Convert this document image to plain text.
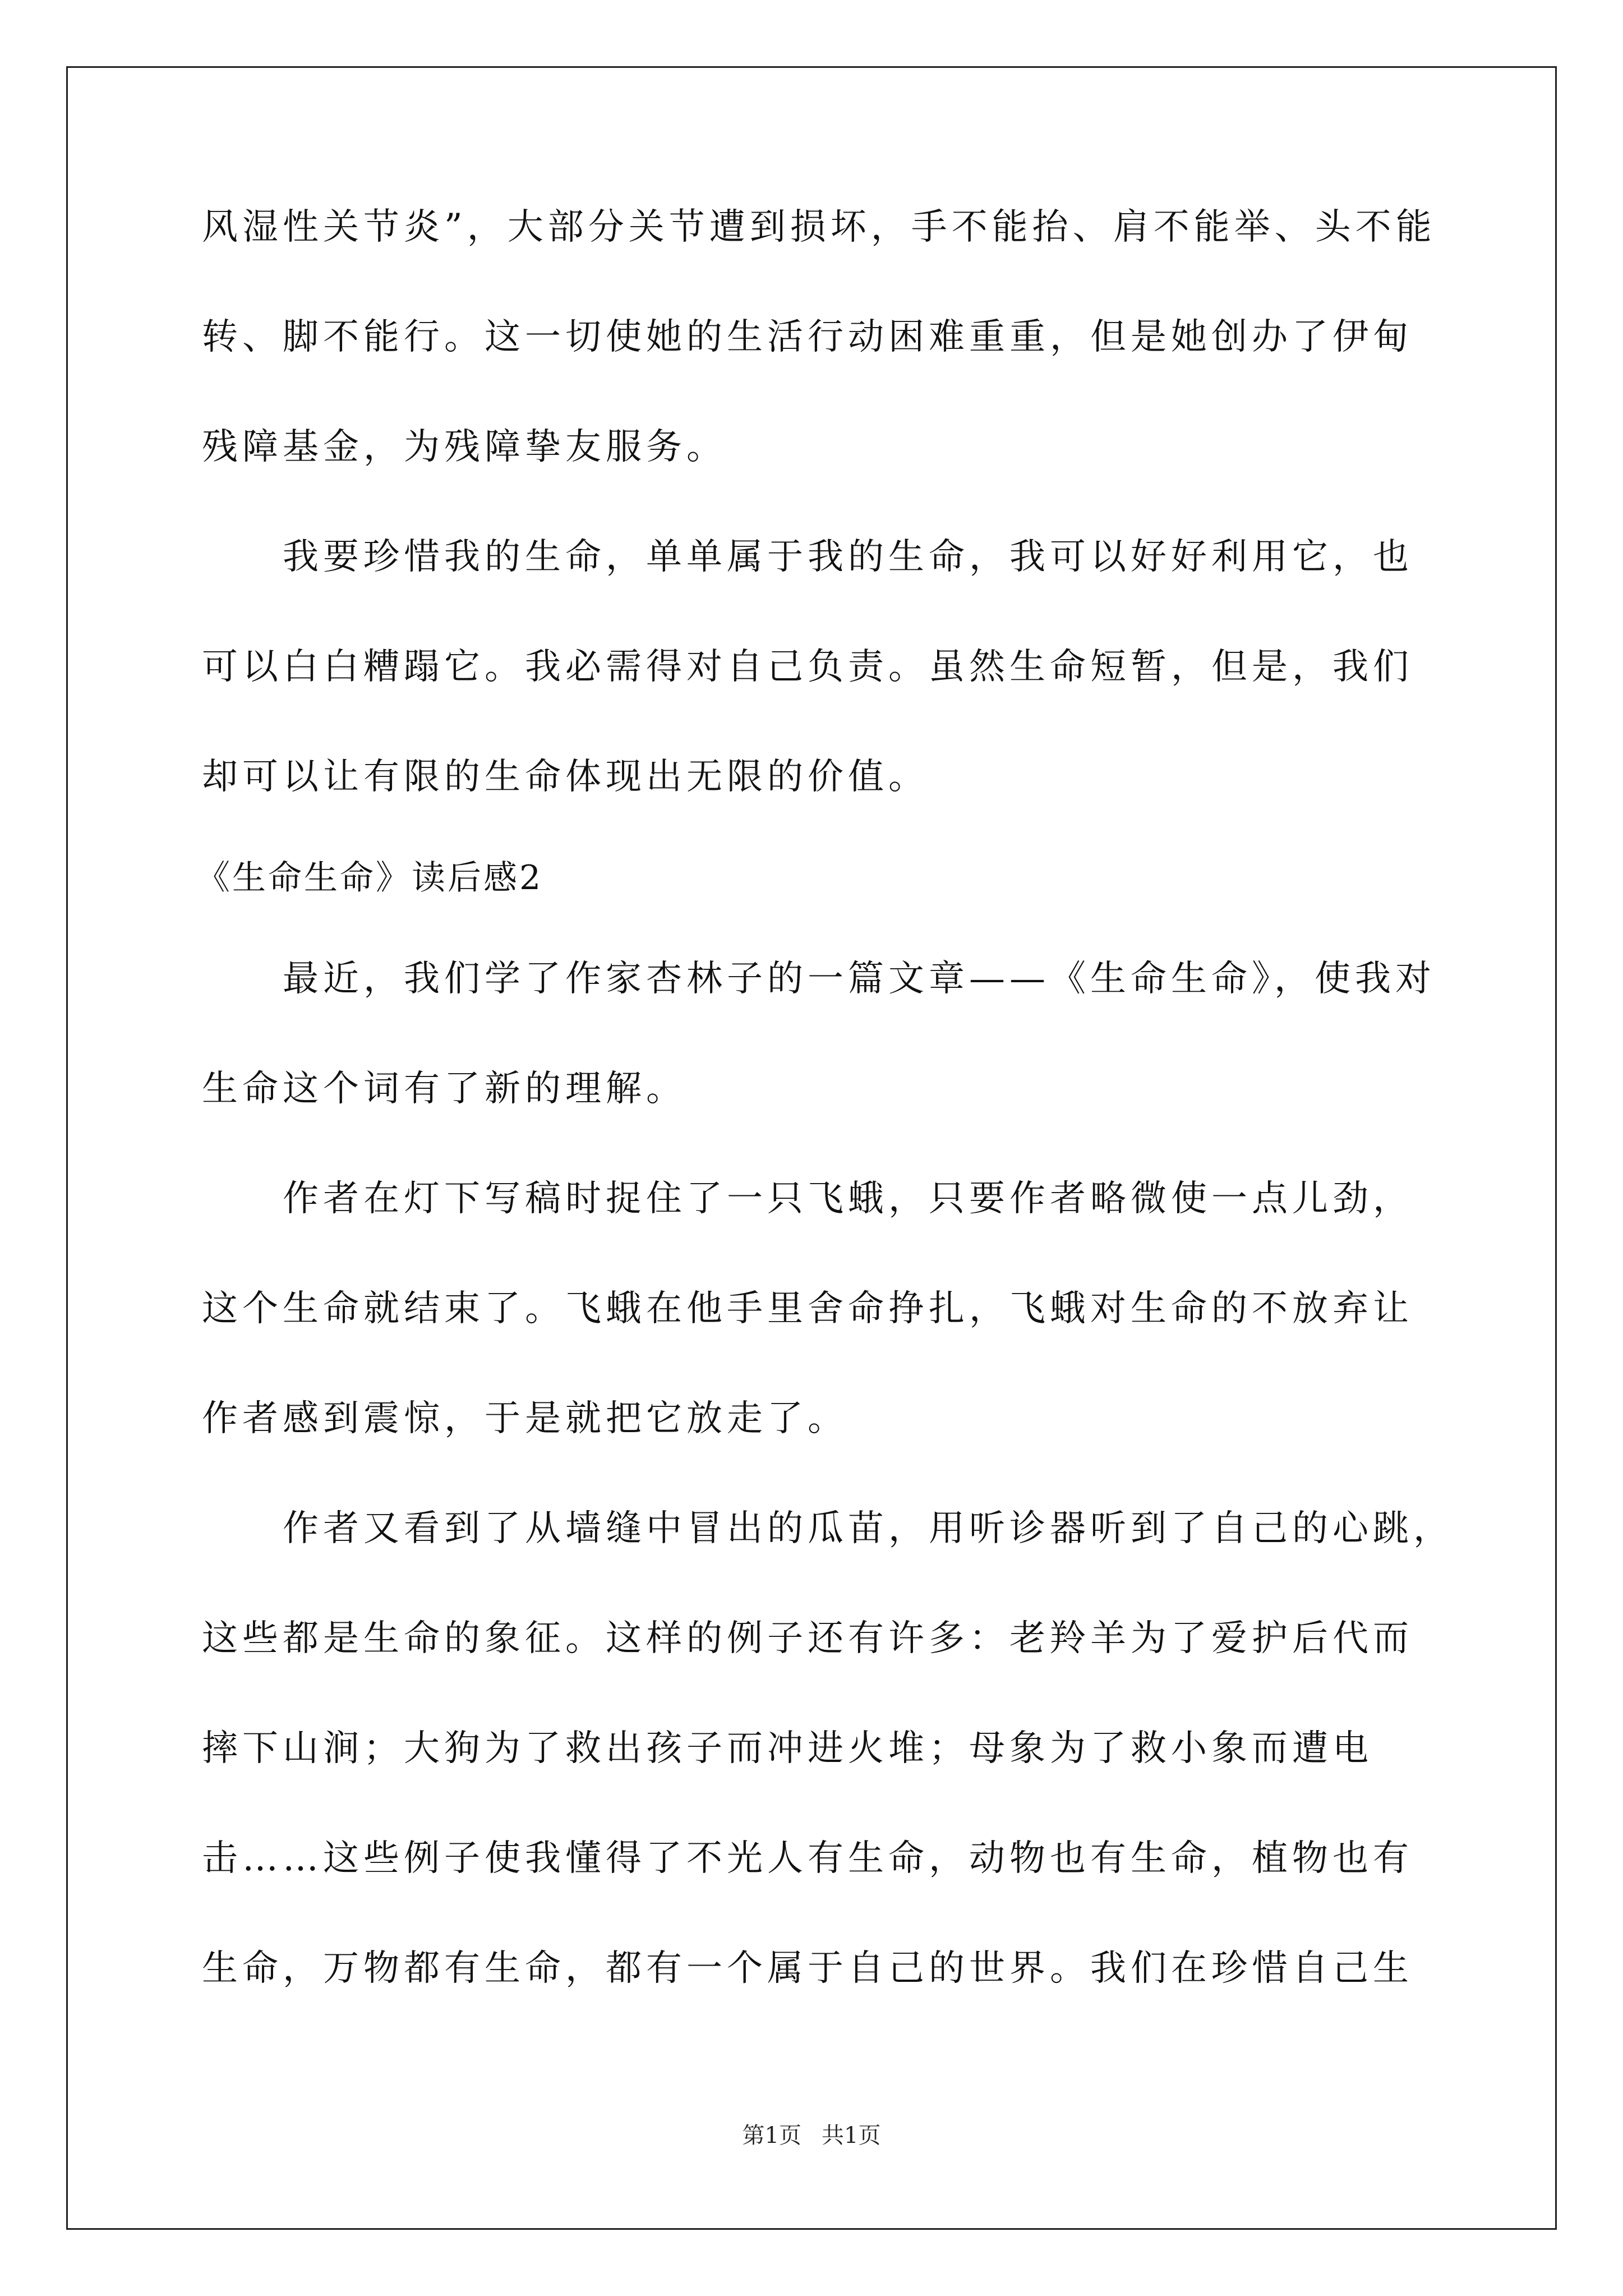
风湿性关节炎”，大部分关节遭到损坏，手不能抬、肩不能举、头不能
转、脚不能行。这一切使她的生活行动困难重重，但是她创办了伊甸
残障基金，为残障挚友服务。
我要珍惜我的生命，单单属于我的生命，我可以好好利用它，也
可以白白糟蹋它。我必需得对自己负责。虽然生命短暂，但是，我们
却可以让有限的生命体现出无限的价值。
《生命生命》读后感2
最近，我们学了作家杏林子的一篇文章——《生命生命》，使我对
生命这个词有了新的理解。
作者在灯下写稿时捉住了一只飞蛾，只要作者略微使一点儿劲，
这个生命就结束了。飞蛾在他手里舍命挣扎，飞蛾对生命的不放弃让
作者感到震惊，于是就把它放走了。
作者又看到了从墙缝中冒出的瓜苗，用听诊器听到了自己的心跳，
这些都是生命的象征。这样的例子还有许多：老羚羊为了爱护后代而
摔下山涧；大狗为了救出孩子而冲进火堆；母象为了救小象而遭电
击……这些例子使我懂得了不光人有生命，动物也有生命，植物也有
生命，万物都有生命，都有一个属于自己的世界。我们在珍惜自己生
第1页 共1页
